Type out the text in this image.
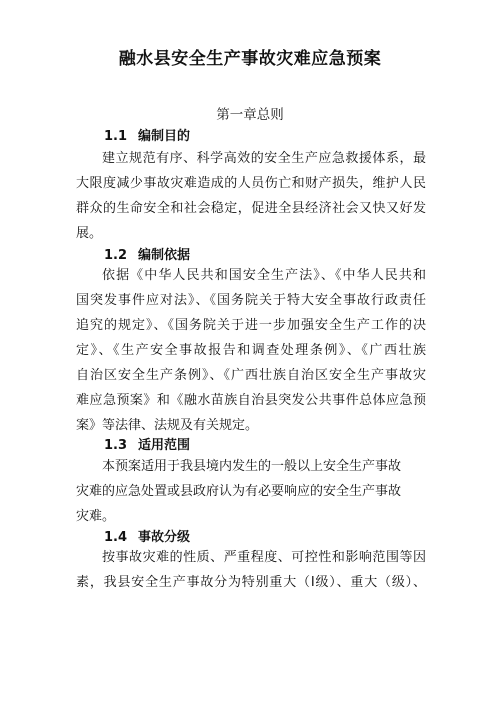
融水县安全生产事故灾难应急预案
第一章总则
1.1 编制目的
建立规范有序、科学高效的安全生产应急救援体系，最
大限度减少事故灾难造成的人员伤亡和财产损失，维护人民
群众的生命安全和社会稳定，促进全县经济社会又快又好发
展。
1.2 编制依据
依据《中华人民共和国安全生产法》、《中华人民共和
国突发事件应对法》、《国务院关于特大安全事故行政责任
追究的规定》、《国务院关于进一步加强安全生产工作的决
定》、《生产安全事故报告和调查处理条例》、《广西壮族
自治区安全生产条例》、《广西壮族自治区安全生产事故灾
难应急预案》和《融水苗族自治县突发公共事件总体应急预
案》等法律、法规及有关规定。
1.3 适用范围
本预案适用于我县境内发生的一般以上安全生产事故
灾难的应急处置或县政府认为有必要响应的安全生产事故
灾难。
1.4 事故分级
按事故灾难的性质、严重程度、可控性和影响范围等因
素，我县安全生产事故分为特别重大（Ⅰ级）、重大（级）、
